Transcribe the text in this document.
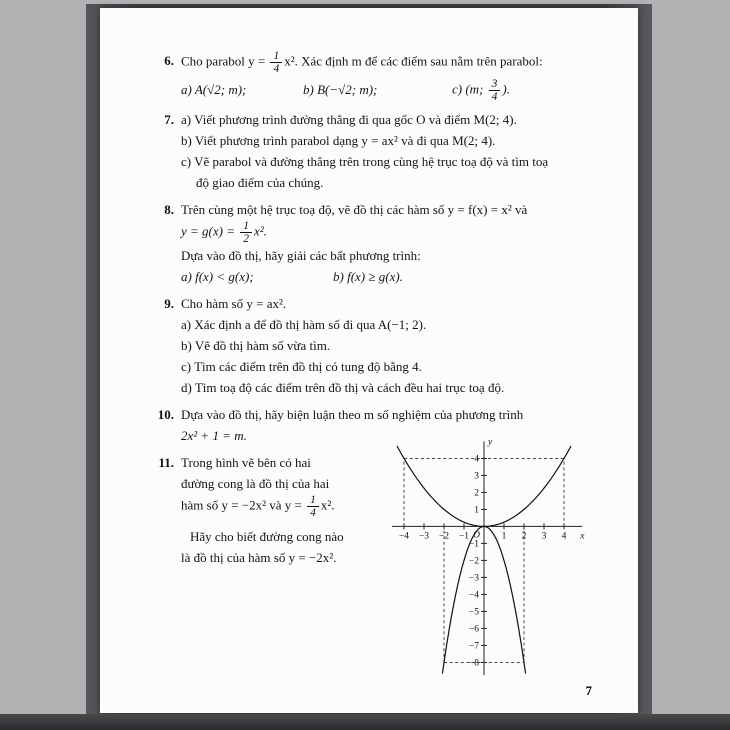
6. Cho parabol $y = \frac{1}{4} x^2$. Xác định m để các điểm sau nằm trên parabol:
a) A(√2; m);	b) B(−√2; m);	c) (m; $\frac{3}{4}$ ).
7. a) Viết phương trình đường thẳng đi qua gốc O và điểm M(2; 4).
b) Viết phương trình parabol dạng y = ax² và đi qua M(2; 4).
c) Vẽ parabol và đường thẳng trên trong cùng hệ trục toạ độ và tìm toạ
độ giao điểm của chúng.
8. Trên cùng một hệ trục toạ độ, vẽ đồ thị các hàm số y = f(x) = x² và
$y = g(x) = \frac{1}{2} x^2$.
Dựa vào đồ thị, hãy giải các bất phương trình:
a) f(x) < g(x);	b) f(x) ≥ g(x).
9. Cho hàm số y = ax².
a) Xác định a để đồ thị hàm số đi qua A(−1; 2).
b) Vẽ đồ thị hàm số vừa tìm.
c) Tìm các điểm trên đồ thị có tung độ bằng 4.
d) Tìm toạ độ các điểm trên đồ thị và cách đều hai trục toạ độ.
10. Dựa vào đồ thị, hãy biện luận theo m số nghiệm của phương trình
2x² + 1 = m.
11. Trong hình vẽ bên có hai
đường cong là đồ thị của hai
hàm số y = −2x² và $y = \frac{1}{4} x^2$.
Hãy cho biết đường cong nào
là đồ thị của hàm số y = −2x².
−4 −3 −2 −1	1 2 3 4
4
3
2
1
−1
−2
−3
−4
−5
−6
−7
−8
x
y
O
7
